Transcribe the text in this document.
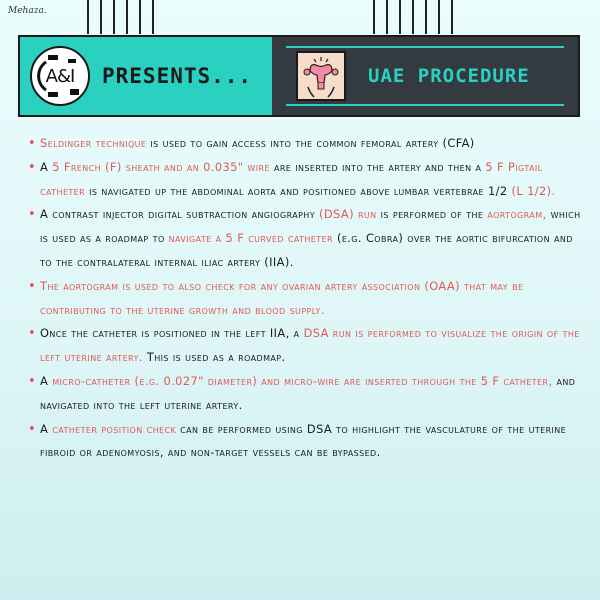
Mehaza.
A&I PRESENTS...	UAE PROCEDURE
• Seldinger technique is used to gain access into the common femoral artery (CFA)
• A 5 French (F) sheath and an 0.035" wire are inserted into the artery and then a 5 F Pigtail catheter is navigated up the abdominal aorta and positioned above lumbar vertebrae 1/2 (L 1/2).
• A contrast injector digital subtraction angiography (DSA) run is performed of the aortogram, which is used as a roadmap to navigate a 5 F curved catheter (e.g. Cobra) over the aortic bifurcation and to the contralateral internal iliac artery (IIA).
• The aortogram is used to also check for any ovarian artery association (OAA) that may be contributing to the uterine growth and blood supply.
• Once the catheter is positioned in the left IIA, a DSA run is performed to visualize the origin of the left uterine artery. This is used as a roadmap.
• A micro-catheter (e.g. 0.027" diameter) and micro-wire are inserted through the 5 F catheter, and navigated into the left uterine artery.
• A catheter position check can be performed using DSA to highlight the vasculature of the uterine fibroid or adenomyosis, and non-target vessels can be bypassed.
